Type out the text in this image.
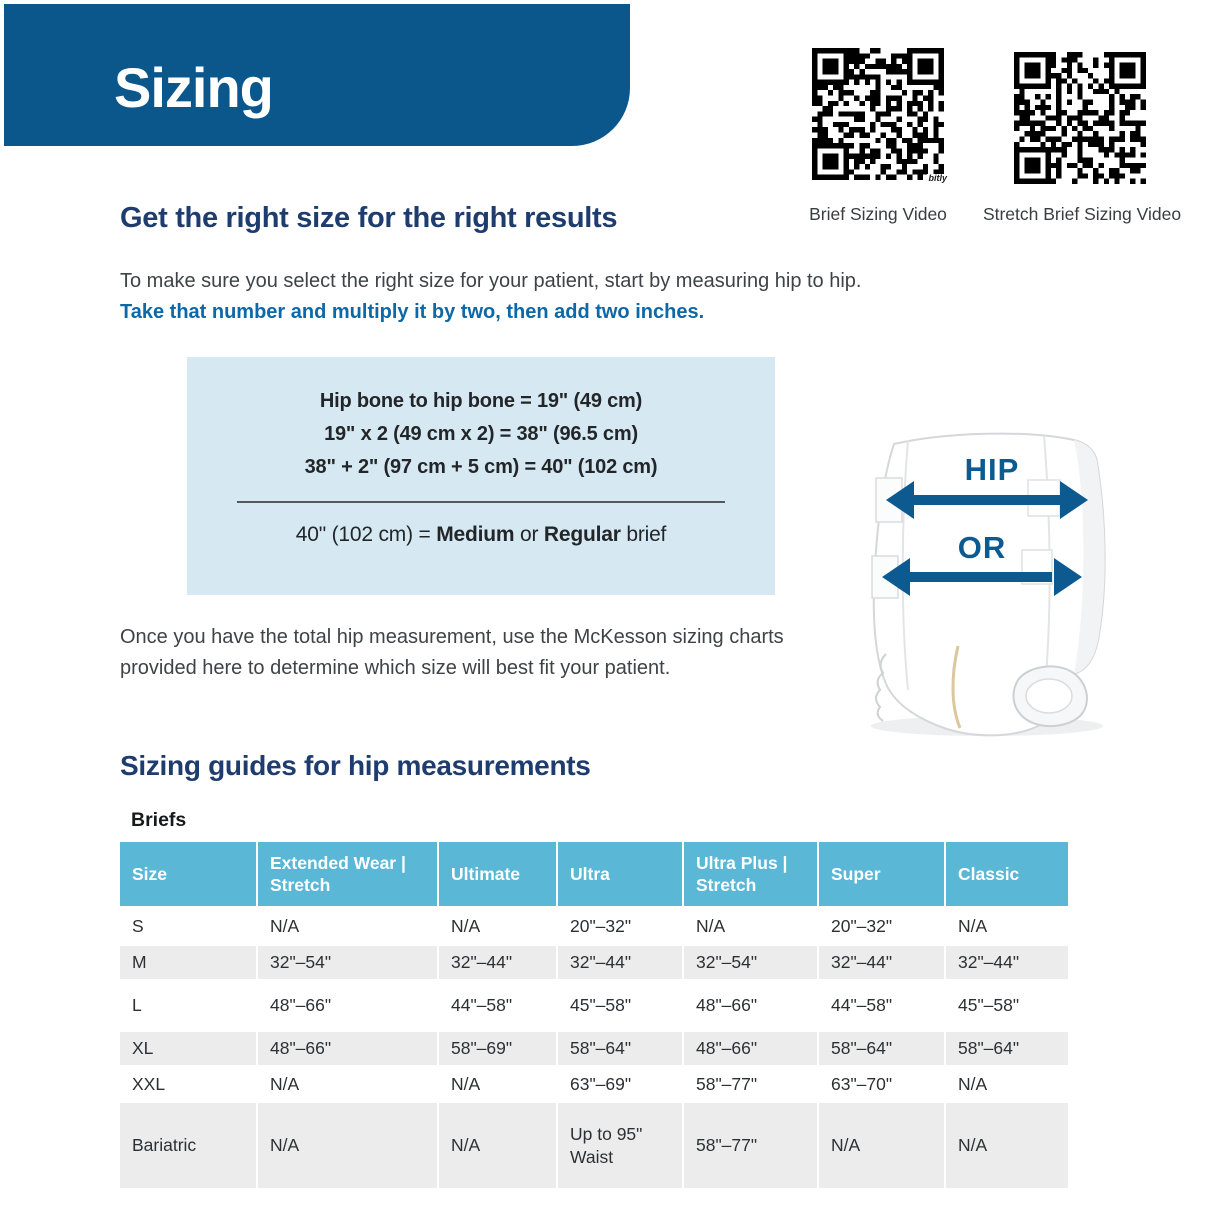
Sizing
bitly
Brief Sizing Video	Stretch Brief Sizing Video
Get the right size for the right results

To make sure you select the right size for your patient, start by measuring hip to hip. Take that number and multiply it by two, then add two inches.

Hip bone to hip bone = 19" (49 cm)
19" x 2 (49 cm x 2) = 38" (96.5 cm)
38" + 2" (97 cm + 5 cm) = 40" (102 cm)
40" (102 cm) = Medium or Regular brief
HIP
OR

Once you have the total hip measurement, use the McKesson sizing charts provided here to determine which size will best fit your patient.

Sizing guides for hip measurements
Briefs
Size	Extended Wear | Stretch	Ultimate	Ultra	Ultra Plus | Stretch	Super	Classic
S	N/A	N/A	20"–32"	N/A	20"–32"	N/A
M	32"–54"	32"–44"	32"–44"	32"–54"	32"–44"	32"–44"
L	48"–66"	44"–58"	45"–58"	48"–66"	44"–58"	45"–58"
XL	48"–66"	58"–69"	58"–64"	48"–66"	58"–64"	58"–64"
XXL	N/A	N/A	63"–69"	58"–77"	63"–70"	N/A
Bariatric	N/A	N/A	Up to 95" Waist	58"–77"	N/A	N/A
